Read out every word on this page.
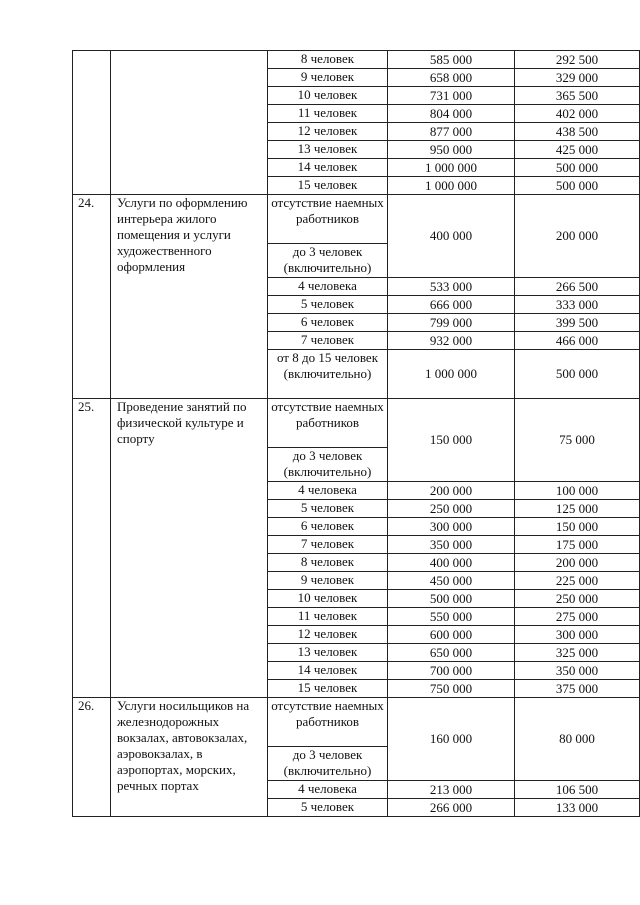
		8 человек	585 000	292 500
		9 человек	658 000	329 000
		10 человек	731 000	365 500
		11 человек	804 000	402 000
		12 человек	877 000	438 500
		13 человек	950 000	425 000
		14 человек	1 000 000	500 000
		15 человек	1 000 000	500 000
24.	Услуги по оформлению интерьера жилого помещения и услуги художественного оформления	отсутствие наемных работников	400 000	200 000
		до 3 человек (включительно)		
		4 человека	533 000	266 500
		5 человек	666 000	333 000
		6 человек	799 000	399 500
		7 человек	932 000	466 000
		от 8 до 15 человек (включительно)	1 000 000	500 000
25.	Проведение занятий по физической культуре и спорту	отсутствие наемных работников	150 000	75 000
		до 3 человек (включительно)		
		4 человека	200 000	100 000
		5 человек	250 000	125 000
		6 человек	300 000	150 000
		7 человек	350 000	175 000
		8 человек	400 000	200 000
		9 человек	450 000	225 000
		10 человек	500 000	250 000
		11 человек	550 000	275 000
		12 человек	600 000	300 000
		13 человек	650 000	325 000
		14 человек	700 000	350 000
		15 человек	750 000	375 000
26.	Услуги носильщиков на железнодорожных вокзалах, автовокзалах, аэровокзалах, в аэропортах, морских, речных портах	отсутствие наемных работников	160 000	80 000
		до 3 человек (включительно)		
		4 человека	213 000	106 500
		5 человек	266 000	133 000
